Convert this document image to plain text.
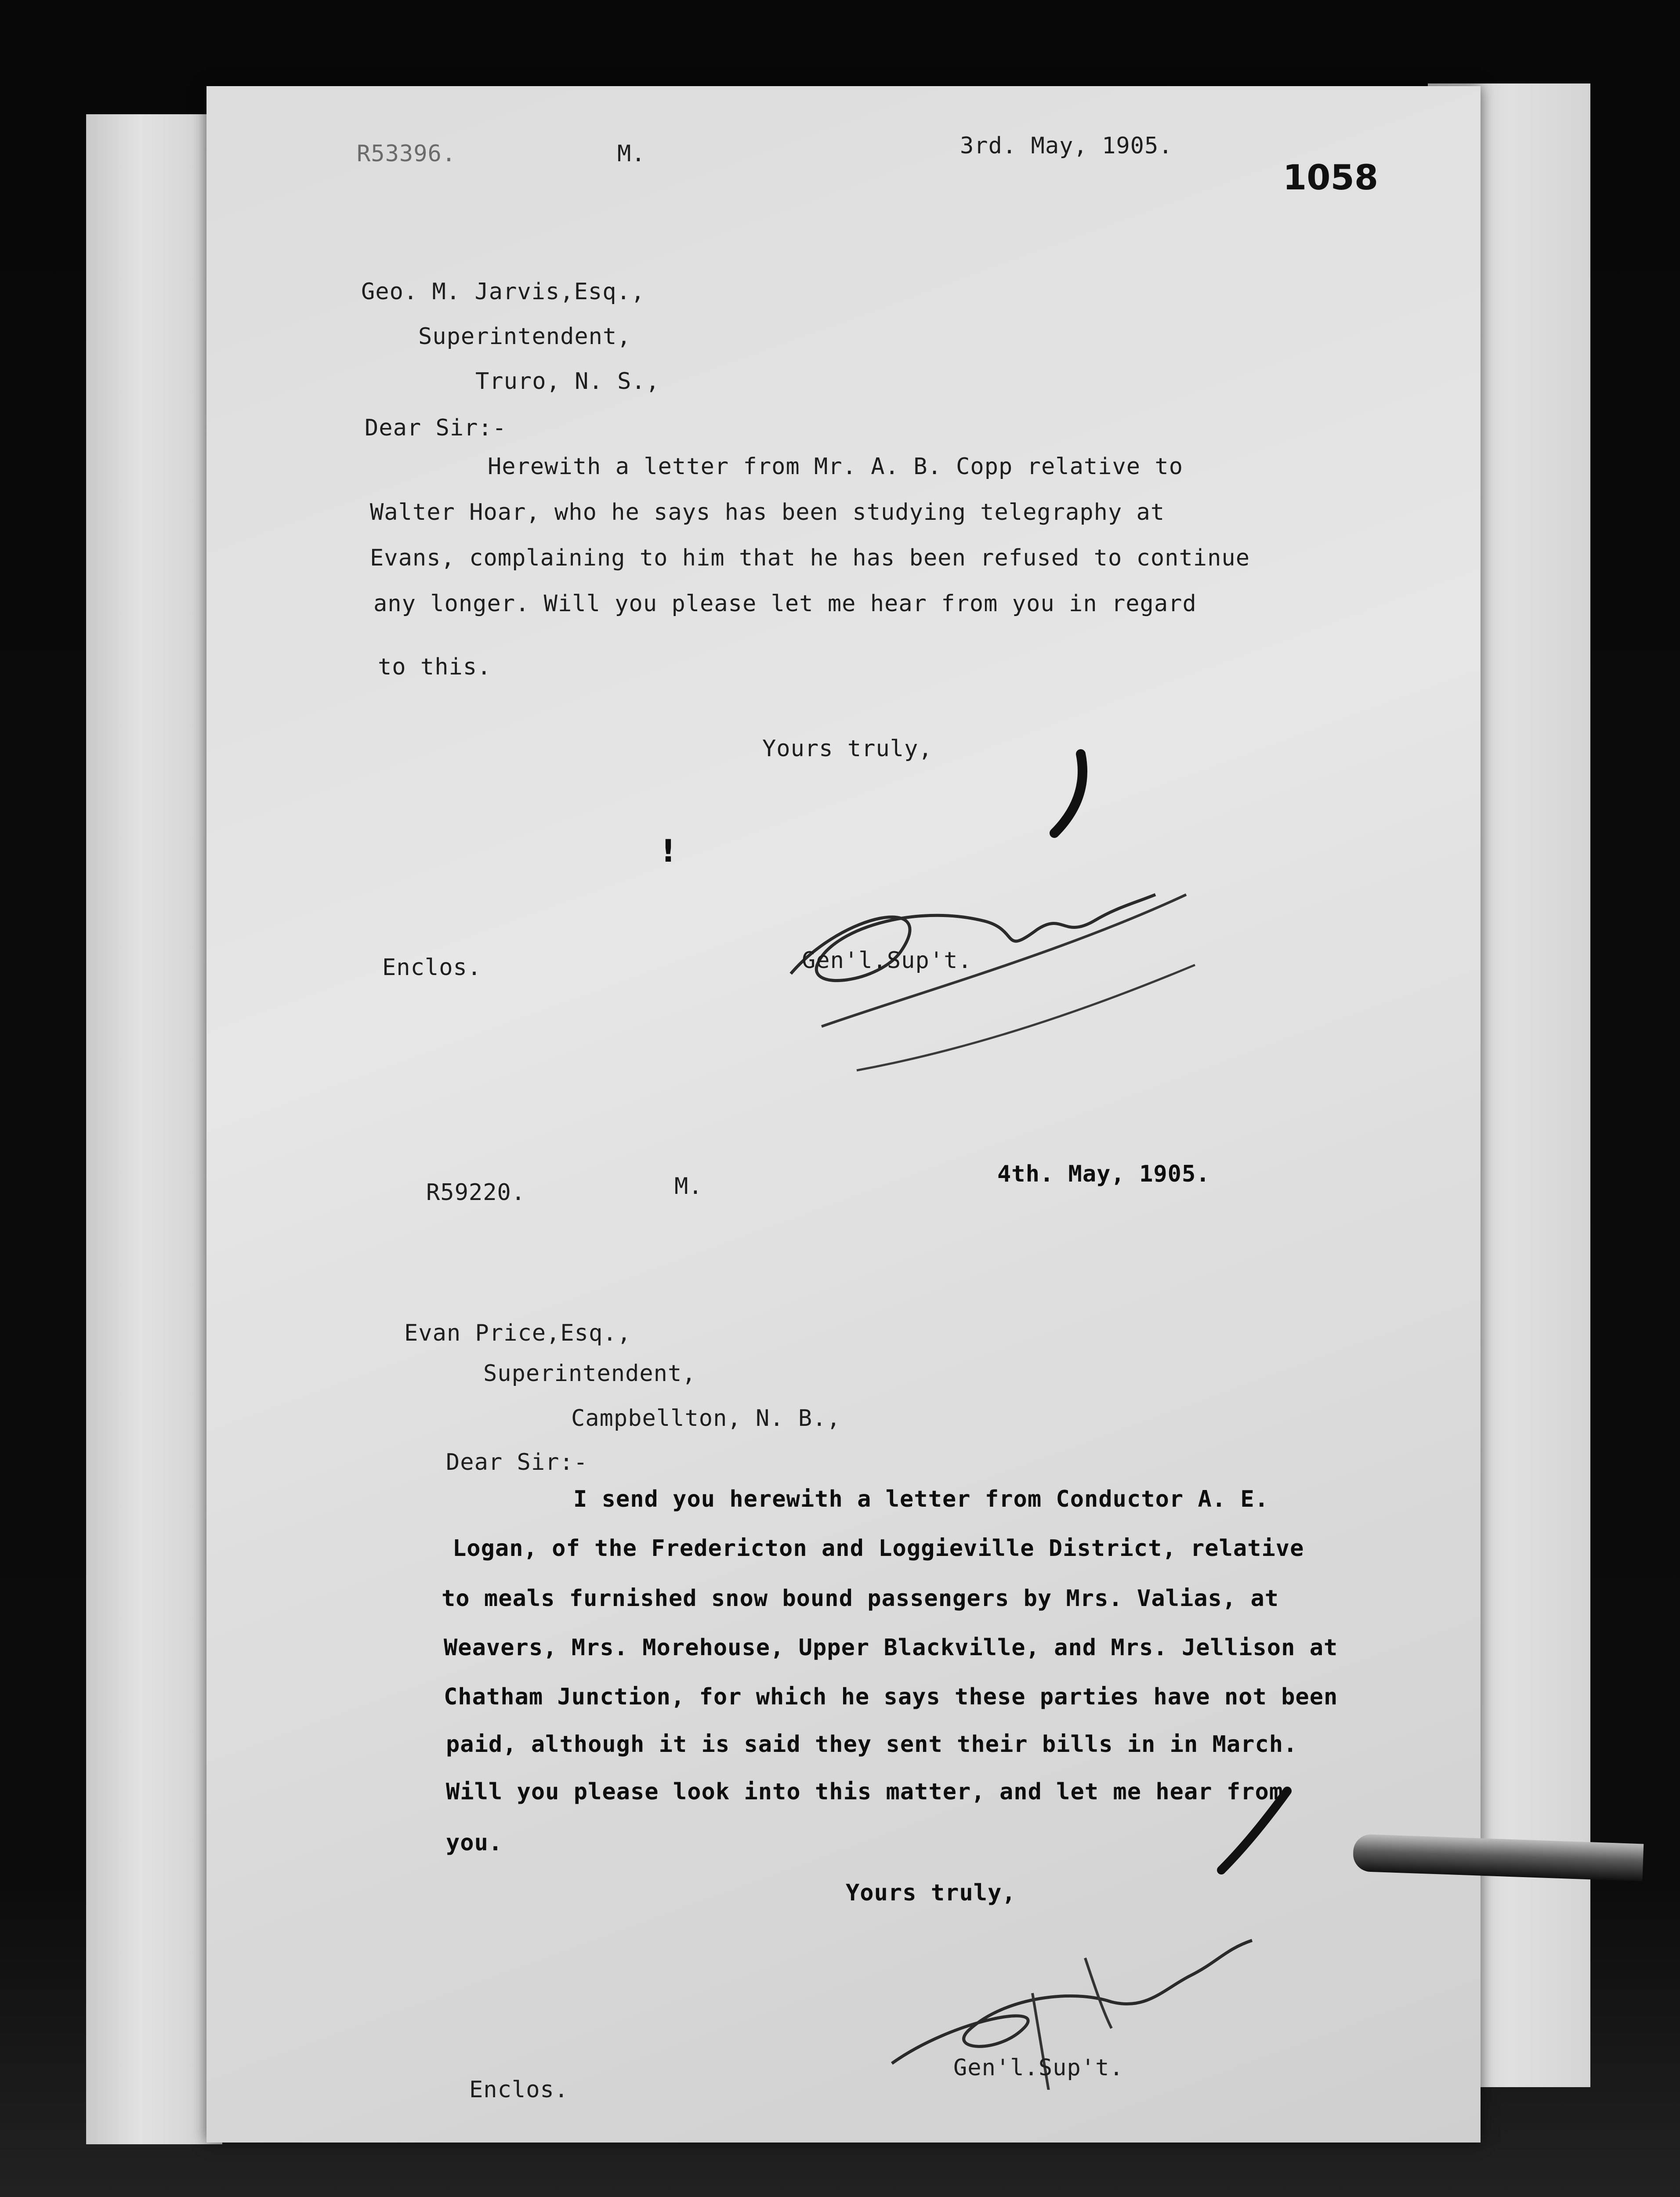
1058
R53396.	M.	3rd. May, 1905.
Geo. M. Jarvis,Esq.,
Superintendent,
Truro, N. S.,
Dear Sir:-
Herewith a letter from Mr. A. B. Copp relative to
Walter Hoar, who he says has been studying telegraphy at
Evans, complaining to him that he has been refused to continue
any longer. Will you please let me hear from you in regard
to this.
Yours truly,
Gen'l.Sup't.
Enclos.
!
R59220.	M.	4th. May, 1905.
Evan Price,Esq.,
Superintendent,
Campbellton, N. B.,
Dear Sir:-
I send you herewith a letter from Conductor A. E.
Logan, of the Fredericton and Loggieville District, relative
to meals furnished snow bound passengers by Mrs. Valias, at
Weavers, Mrs. Morehouse, Upper Blackville, and Mrs. Jellison at
Chatham Junction, for which he says these parties have not been
paid, although it is said they sent their bills in in March.
Will you please look into this matter, and let me hear from
you.
Yours truly,
Gen'l.Sup't.
Enclos.
